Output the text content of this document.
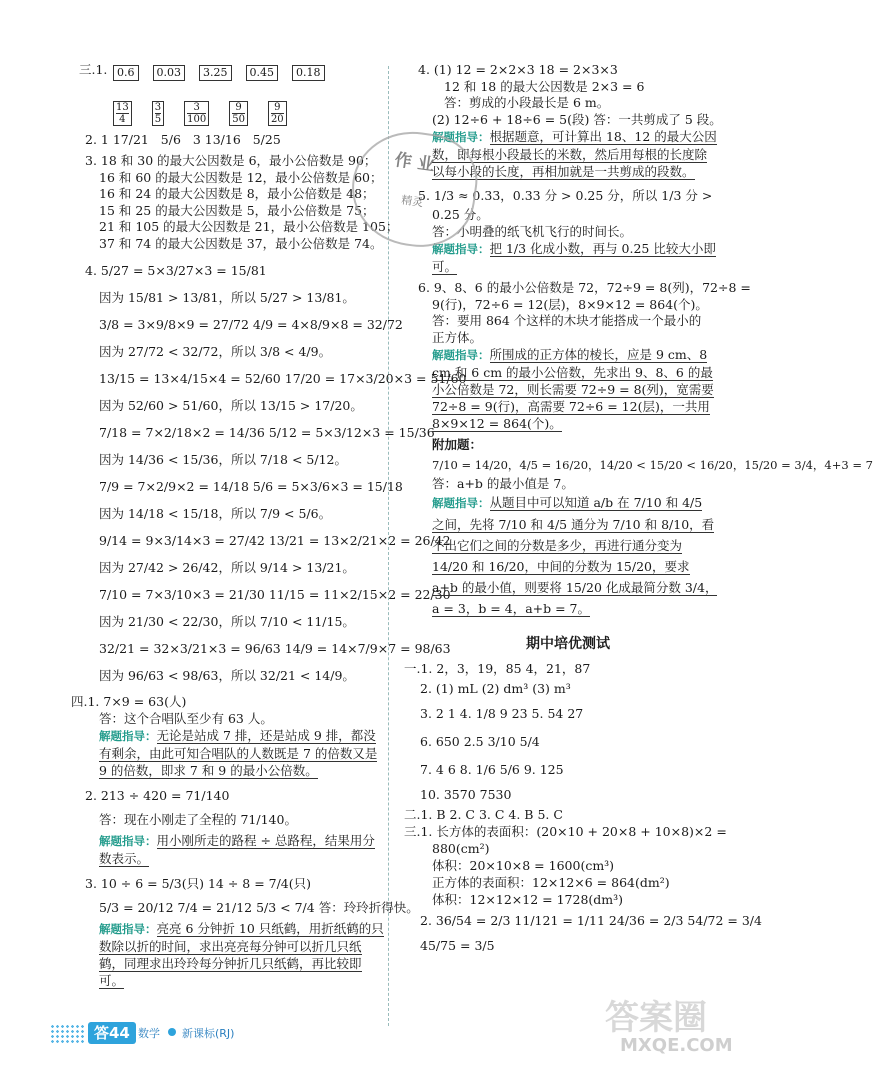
三.1. 0.6	0.03	3.25	0.45	0.18
$\frac{13}{4} \frac{3}{5} \frac{3}{100} \frac{9}{50} \frac{9}{20}$
2. 1 17/21 5/6 3 13/16 5/25
3. 18 和 30 的最大公因数是 6，最小公倍数是 90；
16 和 60 的最大公因数是 12，最小公倍数是 60；
16 和 24 的最大公因数是 8，最小公倍数是 48；
15 和 25 的最大公因数是 5，最小公倍数是 75；
21 和 105 的最大公因数是 21，最小公倍数是 105；
37 和 74 的最大公因数是 37，最小公倍数是 74。
4. 5/27 = 5×3/27×3 = 15/81
因为 15/81 > 13/81，所以 5/27 > 13/81。
3/8 = 3×9/8×9 = 27/72 4/9 = 4×8/9×8 = 32/72
因为 27/72 < 32/72，所以 3/8 < 4/9。
13/15 = 13×4/15×4 = 52/60 17/20 = 17×3/20×3 = 51/60
因为 52/60 > 51/60，所以 13/15 > 17/20。
7/18 = 7×2/18×2 = 14/36 5/12 = 5×3/12×3 = 15/36
因为 14/36 < 15/36，所以 7/18 < 5/12。
7/9 = 7×2/9×2 = 14/18 5/6 = 5×3/6×3 = 15/18
因为 14/18 < 15/18，所以 7/9 < 5/6。
9/14 = 9×3/14×3 = 27/42 13/21 = 13×2/21×2 = 26/42
因为 27/42 > 26/42，所以 9/14 > 13/21。
7/10 = 7×3/10×3 = 21/30 11/15 = 11×2/15×2 = 22/30
因为 21/30 < 22/30，所以 7/10 < 11/15。
32/21 = 32×3/21×3 = 96/63 14/9 = 14×7/9×7 = 98/63
因为 96/63 < 98/63，所以 32/21 < 14/9。
四.1. 7×9 = 63(人)
答：这个合唱队至少有 63 人。
解题指导：无论是站成 7 排，还是站成 9 排，都没有剩余，由此可知合唱队的人数既是 7 的倍数又是 9 的倍数，即求 7 和 9 的最小公倍数。
2. 213 ÷ 420 = 71/140
答：现在小刚走了全程的 71/140。
解题指导：用小刚所走的路程 ÷ 总路程，结果用分数表示。
3. 10 ÷ 6 = 5/3(只) 14 ÷ 8 = 7/4(只)
5/3 = 20/12 7/4 = 21/12 5/3 < 7/4 答：玲玲折得快。
解题指导：亮亮 6 分钟折 10 只纸鹤，用折纸鹤的只数除以折的时间，求出亮亮每分钟可以折几只纸鹤，同理求出玲玲每分钟折几只纸鹤，再比较即可。
4. (1) 12 = 2×2×3 18 = 2×3×3
12 和 18 的最大公因数是 2×3 = 6
答：剪成的小段最长是 6 m。
(2) 12÷6 + 18÷6 = 5(段) 答：一共剪成了 5 段。
解题指导：根据题意，可计算出 18、12 的最大公因数，即每根小段最长的米数，然后用每根的长度除以每小段的长度，再相加就是一共剪成的段数。
5. 1/3 ≈ 0.33，0.33 分 > 0.25 分，所以 1/3 分 >
0.25 分。
答：小明叠的纸飞机飞行的时间长。
解题指导：把 1/3 化成小数，再与 0.25 比较大小即可。
6. 9、8、6 的最小公倍数是 72，72÷9 = 8(列)，72÷8 =
9(行)，72÷6 = 12(层)，8×9×12 = 864(个)。
答：要用 864 个这样的木块才能搭成一个最小的
正方体。
解题指导：所围成的正方体的棱长，应是 9 cm、8 cm 和 6 cm 的最小公倍数，先求出 9、8、6 的最小公倍数是 72，则长需要 72÷9 = 8(列)，宽需要 72÷8 = 9(行)，高需要 72÷6 = 12(层)，一共用 8×9×12 = 864(个)。
附加题：
7/10 = 14/20，4/5 = 16/20，14/20 < 15/20 < 16/20，15/20 = 3/4，4+3 = 7
答：a+b 的最小值是 7。
解题指导：从题目中可以知道 a/b 在 7/10 和 4/5 之间，先将 7/10 和 4/5 通分为 7/10 和 8/10，看不出它们之间的分数是多少，再进行通分变为 14/20 和 16/20，中间的分数为 15/20，要求 a+b 的最小值，则要将 15/20 化成最简分数 3/4，a = 3，b = 4，a+b = 7。
期中培优测试
一.1. 2，3，19，85 4，21，87
2. (1) mL (2) dm³ (3) m³
3. 2 1 4. 1/8 9 23 5. 54 27
6. 650 2.5 3/10 5/4
7. 4 6 8. 1/6 5/6 9. 125
10. 3570 7530
二.1. B 2. C 3. C 4. B 5. C
三.1. 长方体的表面积：(20×10 + 20×8 + 10×8)×2 =
880(cm²)
体积：20×10×8 = 1600(cm³)
正方体的表面积：12×12×6 = 864(dm²)
体积：12×12×12 = 1728(dm³)
2. 36/54 = 2/3 11/121 = 1/11 24/36 = 2/3 54/72 = 3/4
45/75 = 3/5
作业
精灵
答案圈
MXQE.COM
答44 数学 新课标(RJ)
